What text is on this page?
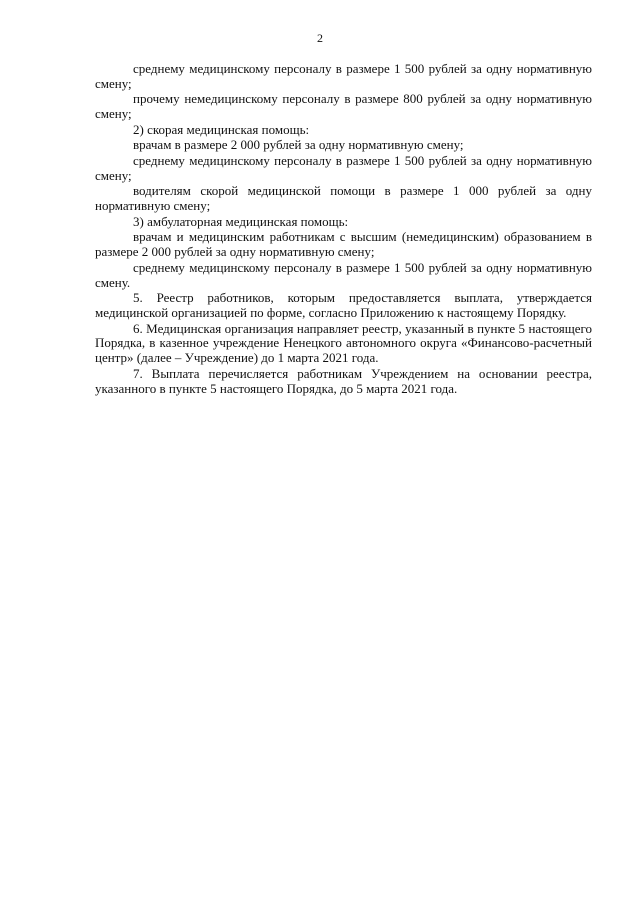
2

среднему медицинскому персоналу в размере 1 500 рублей за одну нормативную смену;

прочему немедицинскому персоналу в размере 800 рублей за одну нормативную смену;

2) скорая медицинская помощь:

врачам в размере 2 000 рублей за одну нормативную смену;

среднему медицинскому персоналу в размере 1 500 рублей за одну нормативную смену;

водителям скорой медицинской помощи в размере 1 000 рублей за одну нормативную смену;

3) амбулаторная медицинская помощь:

врачам и медицинским работникам с высшим (немедицинским) образованием в размере 2 000 рублей за одну нормативную смену;

среднему медицинскому персоналу в размере 1 500 рублей за одну нормативную смену.

5. Реестр работников, которым предоставляется выплата, утверждается медицинской организацией по форме, согласно Приложению к настоящему Порядку.

6. Медицинская организация направляет реестр, указанный в пункте 5 настоящего Порядка, в казенное учреждение Ненецкого автономного округа «Финансово-расчетный центр» (далее – Учреждение) до 1 марта 2021 года.

7. Выплата перечисляется работникам Учреждением на основании реестра, указанного в пункте 5 настоящего Порядка, до 5 марта 2021 года.
